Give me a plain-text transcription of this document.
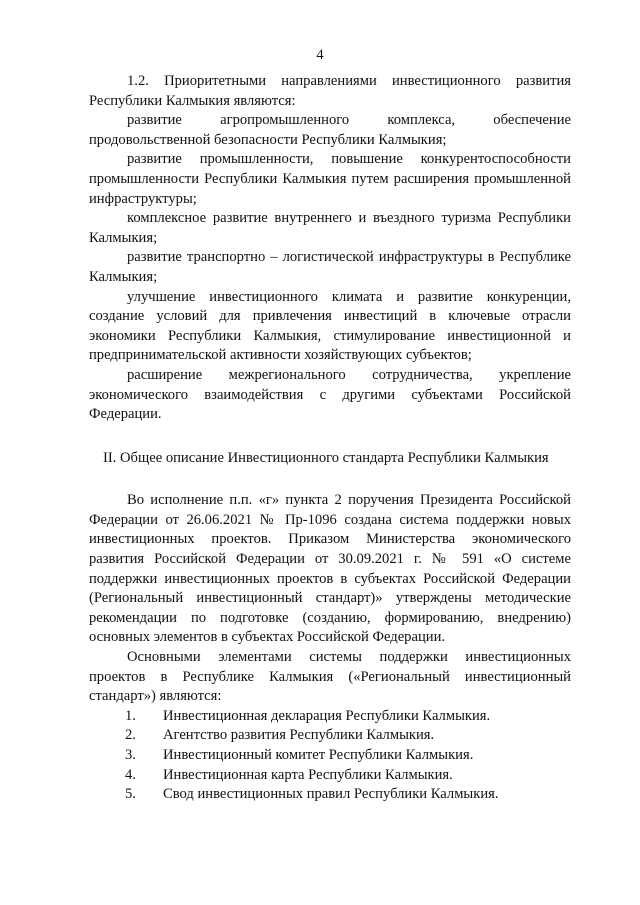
4

1.2. Приоритетными направлениями инвестиционного развития Республики Калмыкия являются:

развитие агропромышленного комплекса, обеспечение продовольственной безопасности Республики Калмыкия;

развитие промышленности, повышение конкурентоспособности промышленности Республики Калмыкия путем расширения промышленной инфраструктуры;

комплексное развитие внутреннего и въездного туризма Республики Калмыкия;

развитие транспортно – логистической инфраструктуры в Республике Калмыкия;

улучшение инвестиционного климата и развитие конкуренции, создание условий для привлечения инвестиций в ключевые отрасли экономики Республики Калмыкия, стимулирование инвестиционной и предпринимательской активности хозяйствующих субъектов;

расширение межрегионального сотрудничества, укрепление экономического взаимодействия с другими субъектами Российской Федерации.

II. Общее описание Инвестиционного стандарта Республики Калмыкия

Во исполнение п.п. «г» пункта 2 поручения Президента Российской Федерации от 26.06.2021 № Пр-1096 создана система поддержки новых инвестиционных проектов. Приказом Министерства экономического развития Российской Федерации от 30.09.2021 г. № 591 «О системе поддержки инвестиционных проектов в субъектах Российской Федерации (Региональный инвестиционный стандарт)» утверждены методические рекомендации по подготовке (созданию, формированию, внедрению) основных элементов в субъектах Российской Федерации.

Основными элементами системы поддержки инвестиционных проектов в Республике Калмыкия («Региональный инвестиционный стандарт») являются:

1.	Инвестиционная декларация Республики Калмыкия.
2.	Агентство развития Республики Калмыкия.
3.	Инвестиционный комитет Республики Калмыкия.
4.	Инвестиционная карта Республики Калмыкия.
5.	Свод инвестиционных правил Республики Калмыкия.
